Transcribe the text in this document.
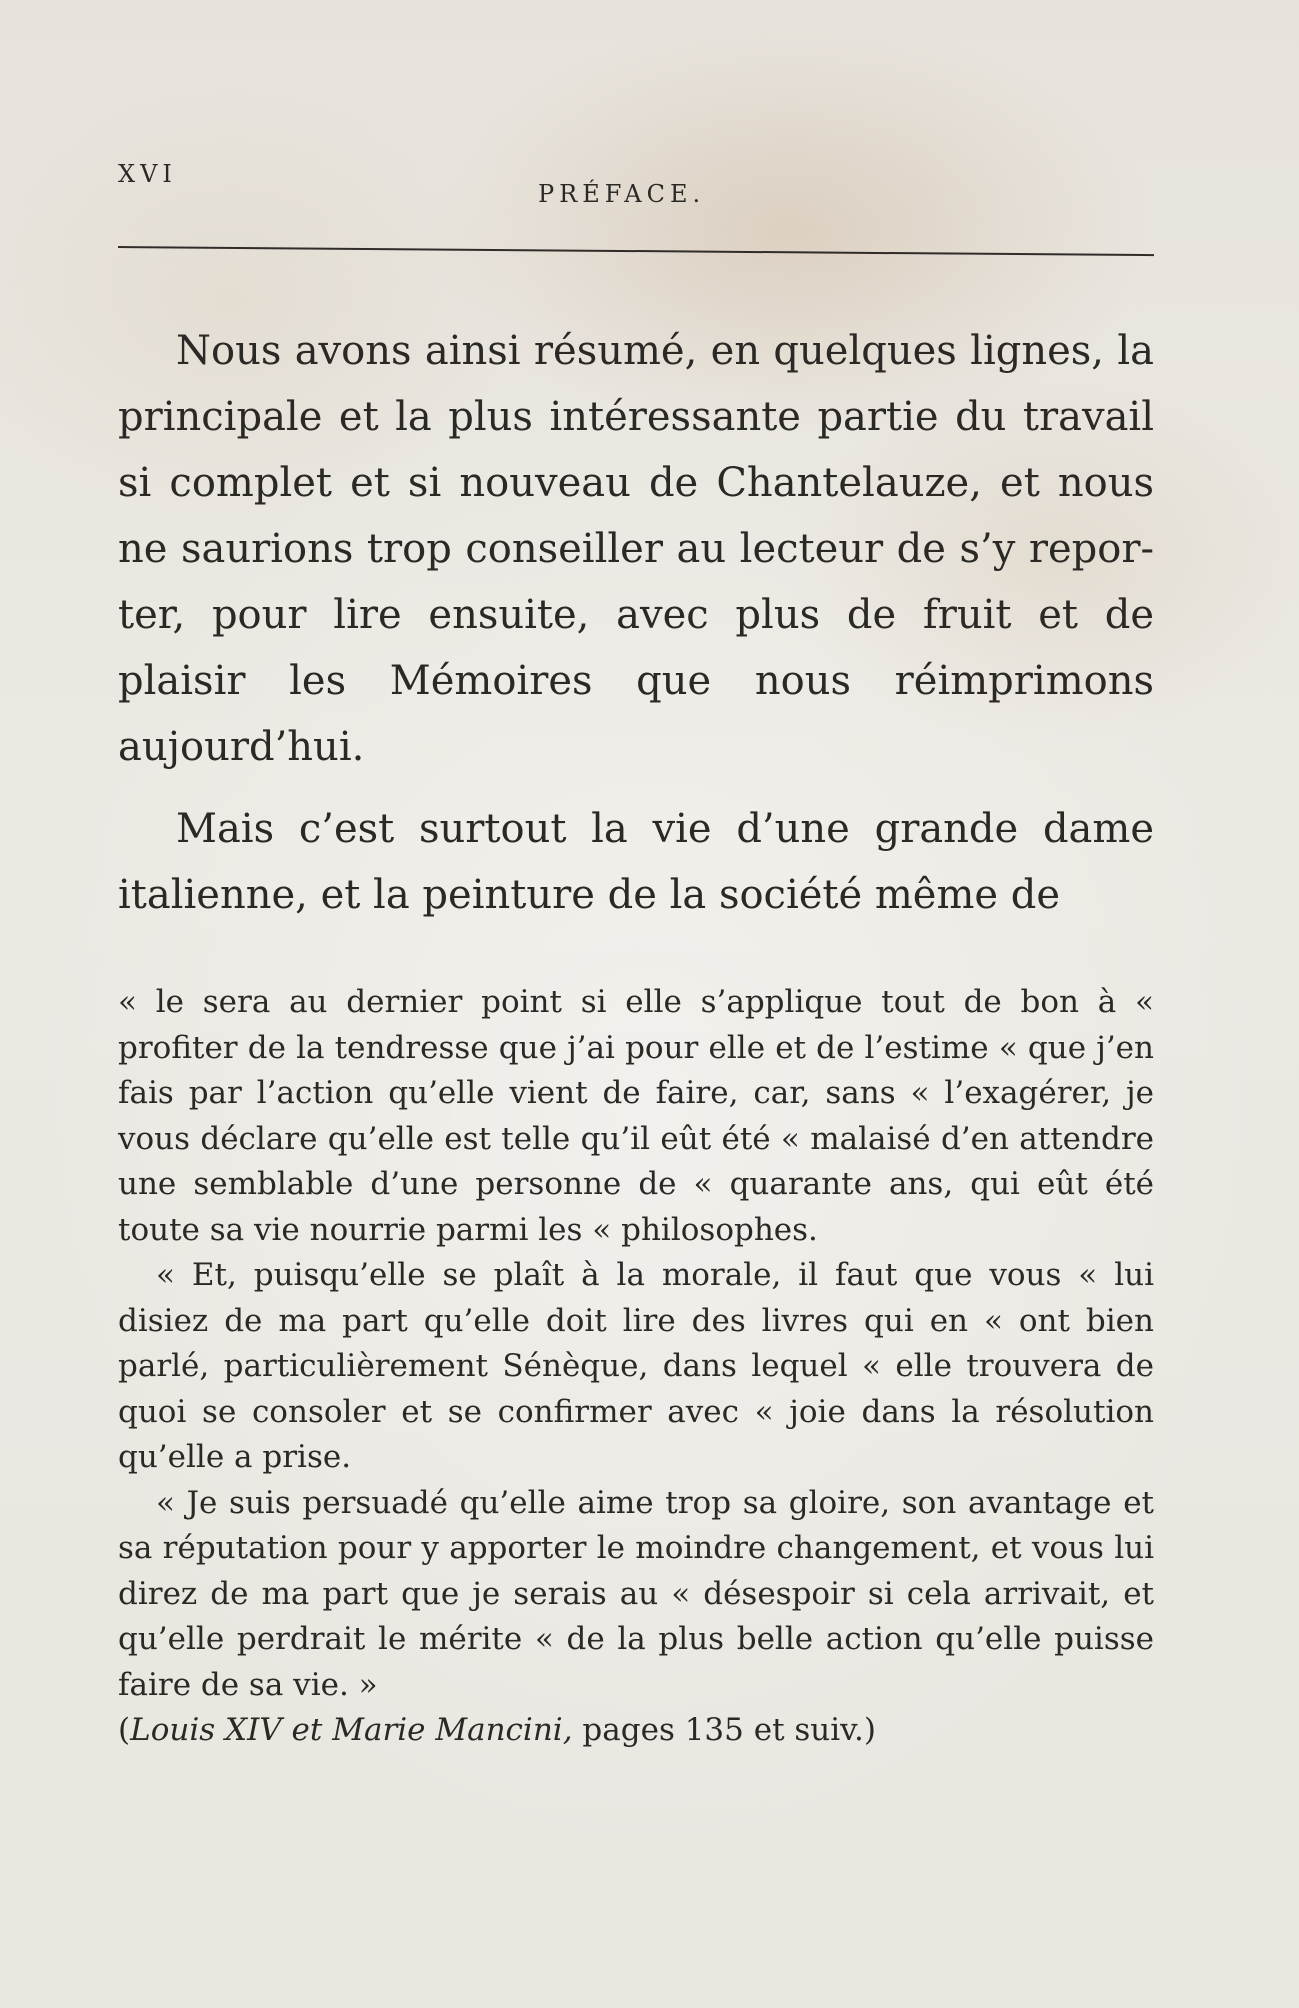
XVI
PRÉFACE.

Nous avons ainsi résumé, en quelques lignes, la principale et la plus intéressante partie du travail si complet et si nouveau de Chantelauze, et nous ne saurions trop conseiller au lecteur de s’y reporter, pour lire ensuite, avec plus de fruit et de plaisir les Mémoires que nous réimprimons aujourd’hui.

Mais c’est surtout la vie d’une grande dame italienne, et la peinture de la société même de

« le sera au dernier point si elle s’applique tout de bon à « profiter de la tendresse que j’ai pour elle et de l’estime « que j’en fais par l’action qu’elle vient de faire, car, sans « l’exagérer, je vous déclare qu’elle est telle qu’il eût été « malaisé d’en attendre une semblable d’une personne de « quarante ans, qui eût été toute sa vie nourrie parmi les « philosophes.

« Et, puisqu’elle se plaît à la morale, il faut que vous « lui disiez de ma part qu’elle doit lire des livres qui en « ont bien parlé, particulièrement Sénèque, dans lequel « elle trouvera de quoi se consoler et se confirmer avec « joie dans la résolution qu’elle a prise.

« Je suis persuadé qu’elle aime trop sa gloire, son avantage et sa réputation pour y apporter le moindre changement, et vous lui direz de ma part que je serais au « désespoir si cela arrivait, et qu’elle perdrait le mérite « de la plus belle action qu’elle puisse faire de sa vie. »

(Louis XIV et Marie Mancini, pages 135 et suiv.)
